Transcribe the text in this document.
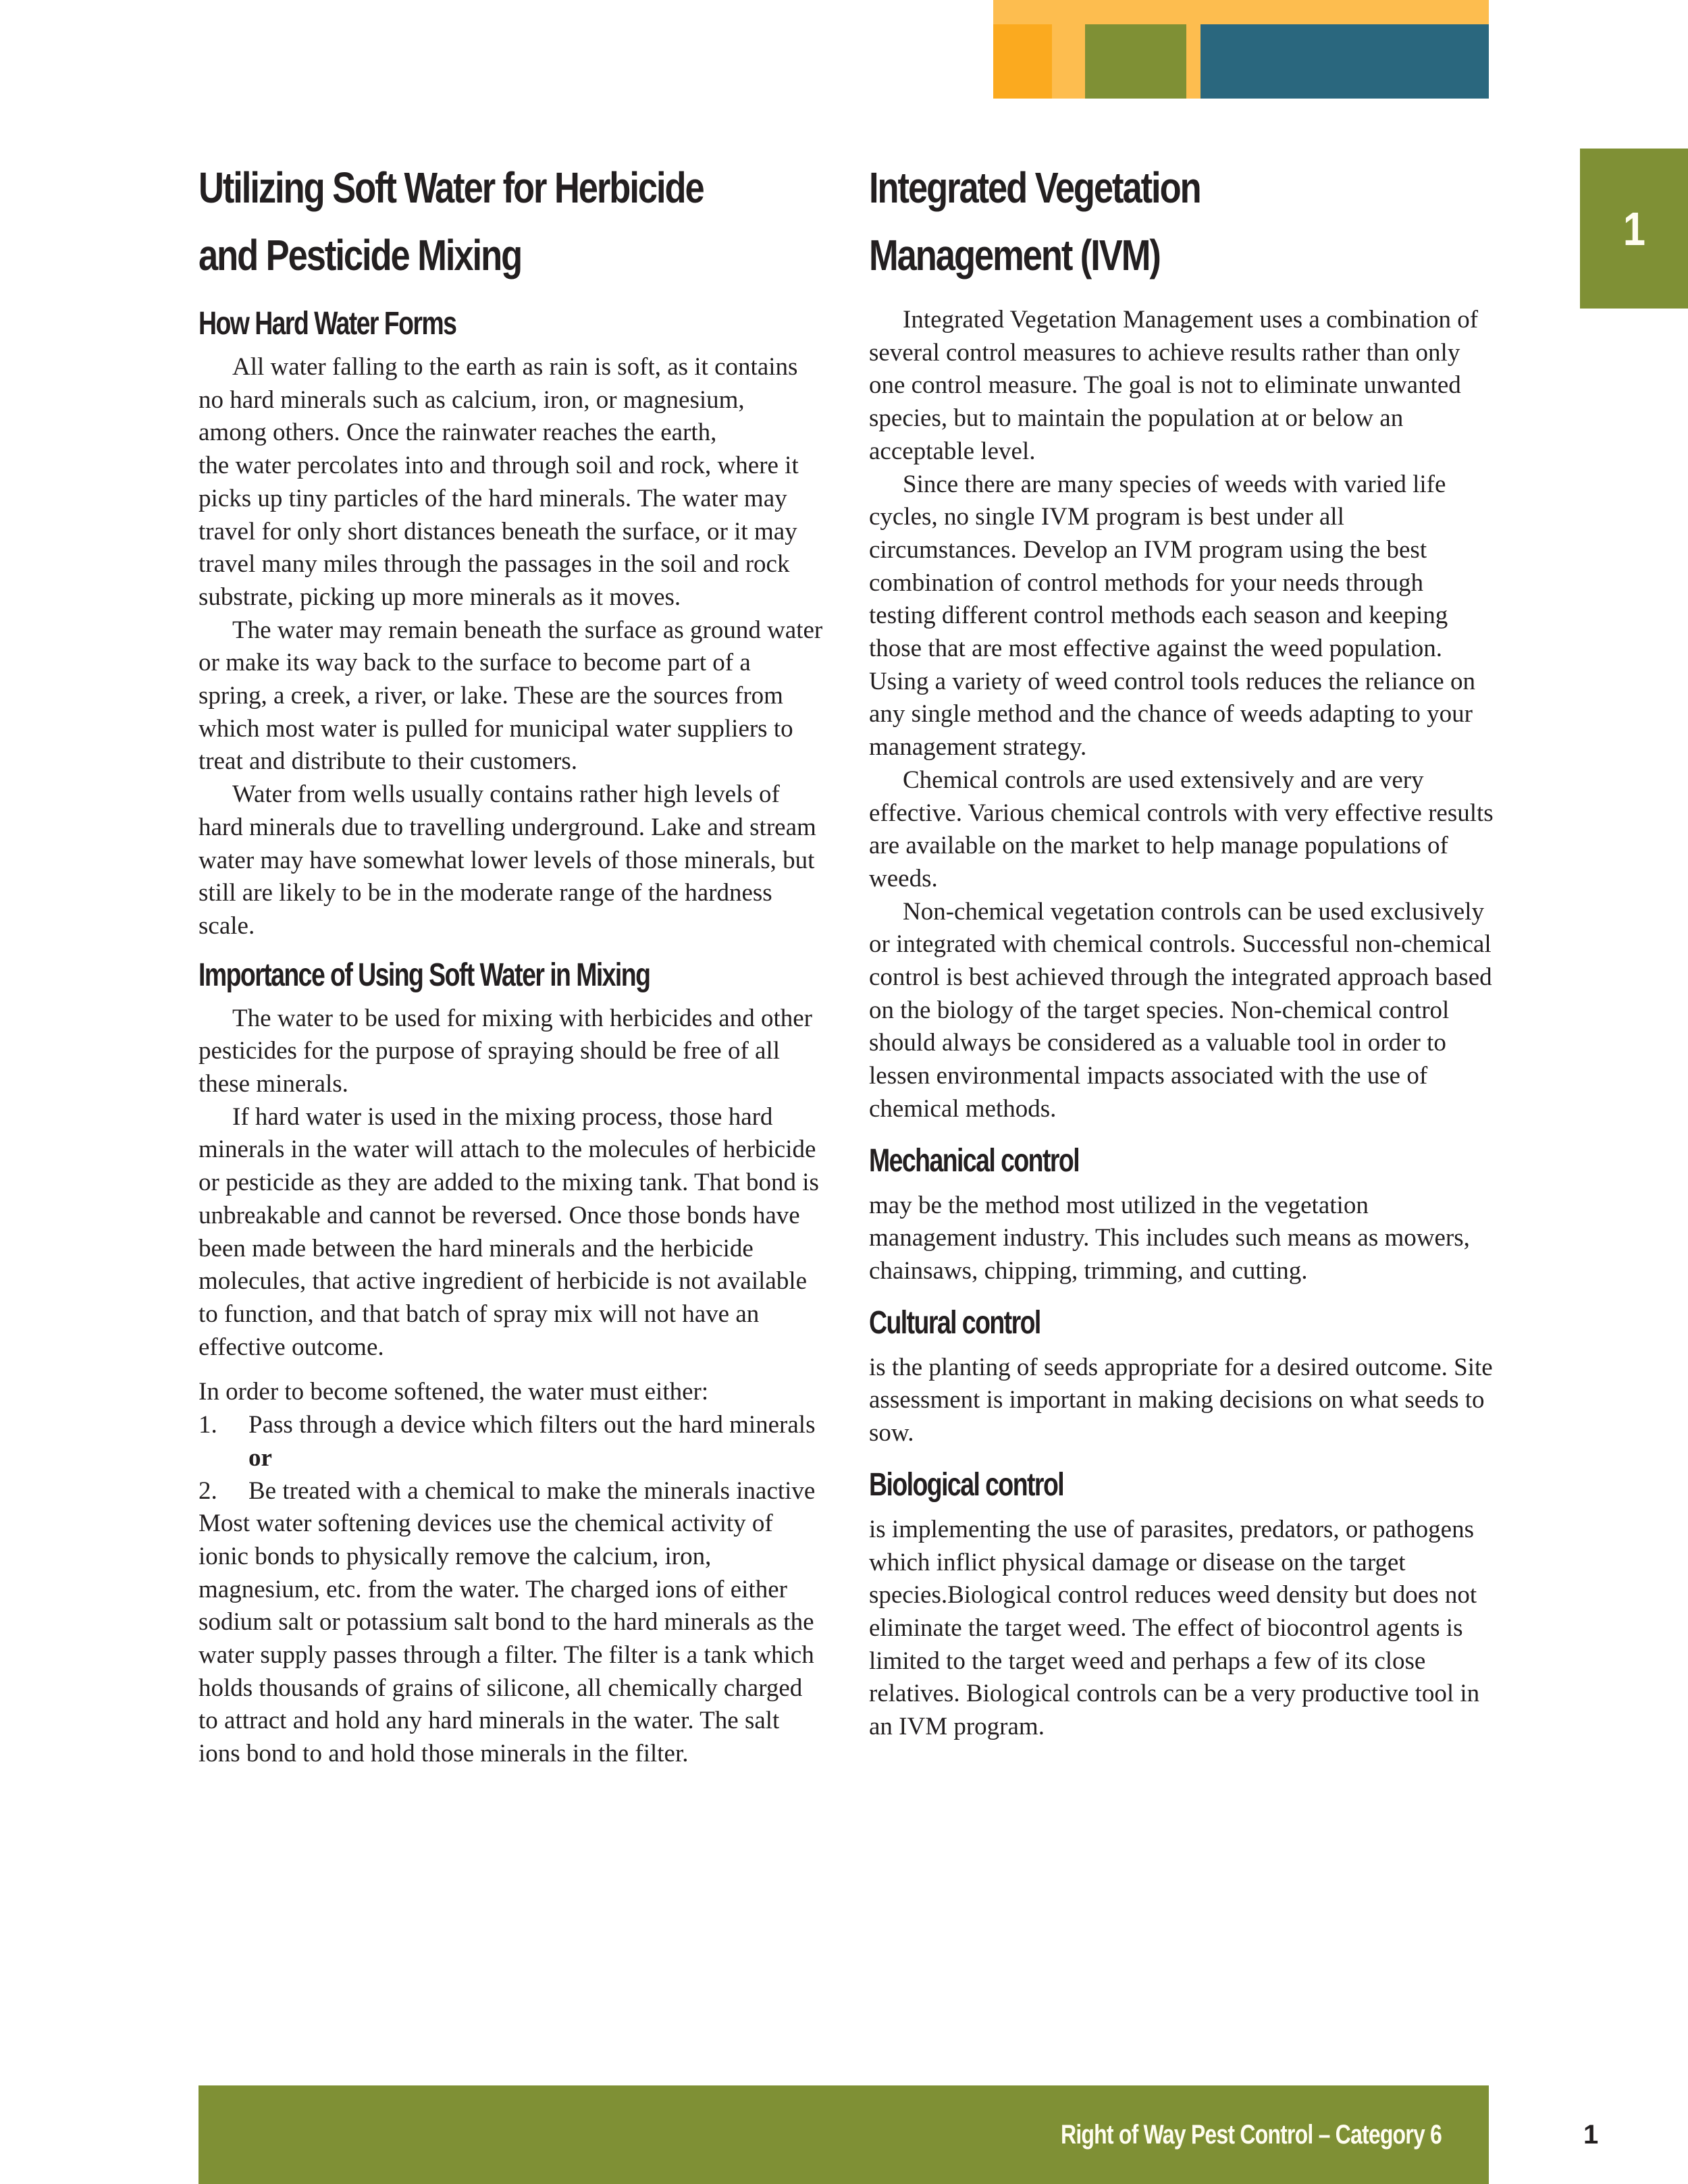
1
Utilizing Soft Water for Herbicide
and Pesticide Mixing
How Hard Water Forms

All water falling to the earth as rain is soft, as it contains no hard minerals such as calcium, iron, or magnesium, among others. Once the rainwater reaches the earth,

the water percolates into and through soil and rock, where it picks up tiny particles of the hard minerals. The water may travel for only short distances beneath the surface, or it may travel many miles through the passages in the soil and rock substrate, picking up more minerals as it moves.

The water may remain beneath the surface as ground water or make its way back to the surface to become part of a spring, a creek, a river, or lake. These are the sources from which most water is pulled for municipal water suppliers to treat and distribute to their customers.

Water from wells usually contains rather high levels of hard minerals due to travelling underground. Lake and stream water may have somewhat lower levels of those minerals, but still are likely to be in the moderate range of the hardness scale.

Importance of Using Soft Water in Mixing

The water to be used for mixing with herbicides and other pesticides for the purpose of spraying should be free of all these minerals.

If hard water is used in the mixing process, those hard minerals in the water will attach to the molecules of herbicide or pesticide as they are added to the mixing tank. That bond is unbreakable and cannot be reversed. Once those bonds have been made between the hard minerals and the herbicide molecules, that active ingredient of herbicide is not available to function, and that batch of spray mix will not have an effective outcome.

In order to become softened, the water must either:

1. Pass through a device which filters out the hard minerals or
2. Be treated with a chemical to make the minerals inactive

Most water softening devices use the chemical activity of ionic bonds to physically remove the calcium, iron, magnesium, etc. from the water. The charged ions of either sodium salt or potassium salt bond to the hard minerals as the water supply passes through a filter. The filter is a tank which holds thousands of grains of silicone, all chemically charged to attract and hold any hard minerals in the water. The salt ions bond to and hold those minerals in the filter.

Integrated Vegetation
Management (IVM)

Integrated Vegetation Management uses a combination of several control measures to achieve results rather than only one control measure. The goal is not to eliminate unwanted species, but to maintain the population at or below an acceptable level.

Since there are many species of weeds with varied life cycles, no single IVM program is best under all circumstances. Develop an IVM program using the best combination of control methods for your needs through testing different control methods each season and keeping those that are most effective against the weed population. Using a variety of weed control tools reduces the reliance on any single method and the chance of weeds adapting to your management strategy.

Chemical controls are used extensively and are very effective. Various chemical controls with very effective results are available on the market to help manage populations of weeds.

Non-chemical vegetation controls can be used exclusively or integrated with chemical controls. Successful non-chemical control is best achieved through the integrated approach based on the biology of the target species. Non-chemical control should always be considered as a valuable tool in order to lessen environmental impacts associated with the use of chemical methods.

Mechanical control

may be the method most utilized in the vegetation management industry. This includes such means as mowers, chainsaws, chipping, trimming, and cutting.

Cultural control

is the planting of seeds appropriate for a desired outcome. Site assessment is important in making decisions on what seeds to sow.

Biological control

is implementing the use of parasites, predators, or pathogens which inflict physical damage or disease on the target species.Biological control reduces weed density but does not eliminate the target weed. The effect of biocontrol agents is limited to the target weed and perhaps a few of its close relatives. Biological controls can be a very productive tool in an IVM program.

Right of Way Pest Control – Category 6	1
